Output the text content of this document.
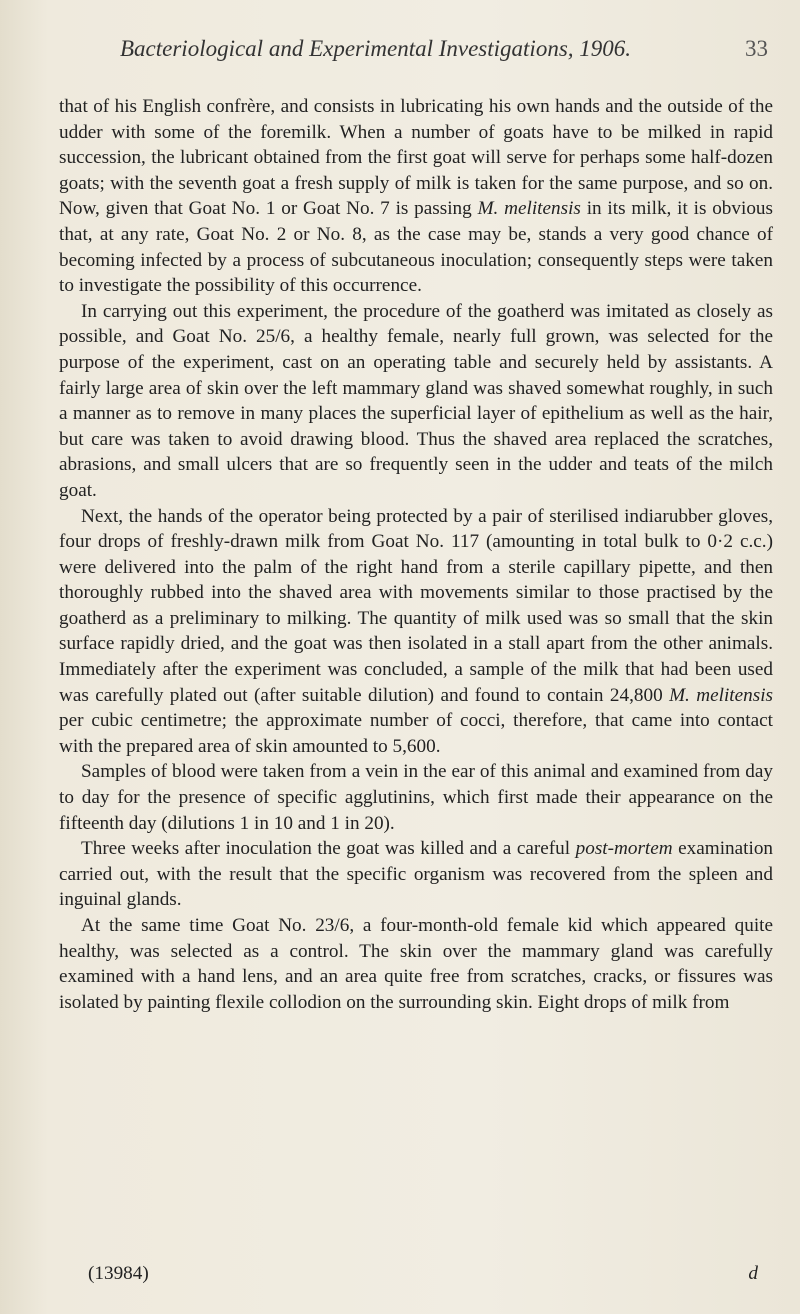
Bacteriological and Experimental Investigations, 1906.	33

that of his English confrère, and consists in lubricating his own hands and the outside of the udder with some of the foremilk. When a number of goats have to be milked in rapid succession, the lubricant obtained from the first goat will serve for perhaps some half-dozen goats; with the seventh goat a fresh supply of milk is taken for the same purpose, and so on. Now, given that Goat No. 1 or Goat No. 7 is passing M. melitensis in its milk, it is obvious that, at any rate, Goat No. 2 or No. 8, as the case may be, stands a very good chance of becoming infected by a process of subcutaneous inoculation; consequently steps were taken to investigate the possibility of this occurrence.

In carrying out this experiment, the procedure of the goatherd was imitated as closely as possible, and Goat No. 25/6, a healthy female, nearly full grown, was selected for the purpose of the experiment, cast on an operating table and securely held by assistants. A fairly large area of skin over the left mammary gland was shaved somewhat roughly, in such a manner as to remove in many places the superficial layer of epithelium as well as the hair, but care was taken to avoid drawing blood. Thus the shaved area replaced the scratches, abrasions, and small ulcers that are so frequently seen in the udder and teats of the milch goat.

Next, the hands of the operator being protected by a pair of sterilised indiarubber gloves, four drops of freshly-drawn milk from Goat No. 117 (amounting in total bulk to 0·2 c.c.) were delivered into the palm of the right hand from a sterile capillary pipette, and then thoroughly rubbed into the shaved area with movements similar to those practised by the goatherd as a preliminary to milking. The quantity of milk used was so small that the skin surface rapidly dried, and the goat was then isolated in a stall apart from the other animals. Immediately after the experiment was concluded, a sample of the milk that had been used was carefully plated out (after suitable dilution) and found to contain 24,800 M. melitensis per cubic centimetre; the approximate number of cocci, therefore, that came into contact with the prepared area of skin amounted to 5,600.

Samples of blood were taken from a vein in the ear of this animal and examined from day to day for the presence of specific agglutinins, which first made their appearance on the fifteenth day (dilutions 1 in 10 and 1 in 20).

Three weeks after inoculation the goat was killed and a careful post-mortem examination carried out, with the result that the specific organism was recovered from the spleen and inguinal glands.

At the same time Goat No. 23/6, a four-month-old female kid which appeared quite healthy, was selected as a control. The skin over the mammary gland was carefully examined with a hand lens, and an area quite free from scratches, cracks, or fissures was isolated by painting flexile collodion on the surrounding skin. Eight drops of milk from

(13984)	d
